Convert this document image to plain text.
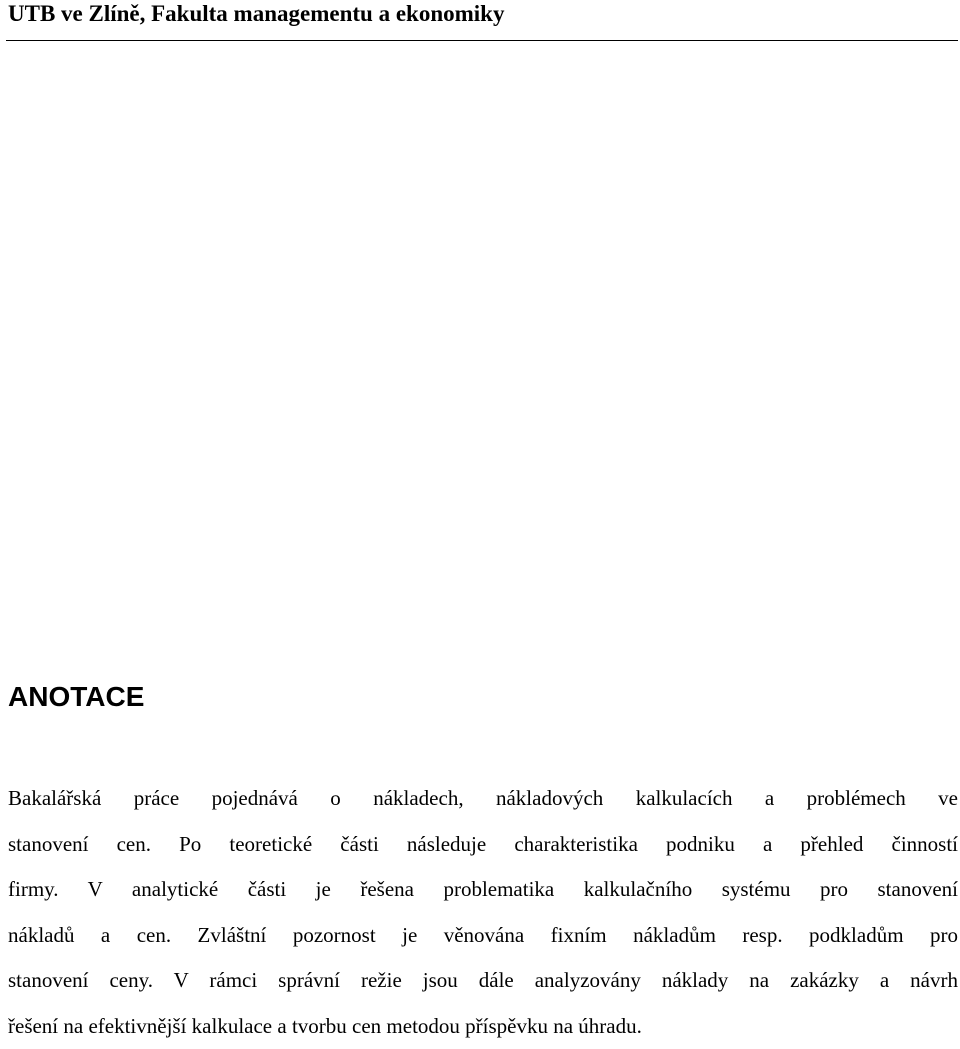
UTB ve Zlíně, Fakulta managementu a ekonomiky
ANOTACE
Bakalářská práce pojednává o nákladech, nákladových kalkulacích a problémech ve
stanovení cen. Po teoretické části následuje charakteristika podniku a přehled činností
firmy. V analytické části je řešena problematika kalkulačního systému pro stanovení
nákladů a cen. Zvláštní pozornost je věnována fixním nákladům resp. podkladům pro
stanovení ceny. V rámci správní režie jsou dále analyzovány náklady na zakázky a návrh
řešení na efektivnější kalkulace a tvorbu cen metodou příspěvku na úhradu.
